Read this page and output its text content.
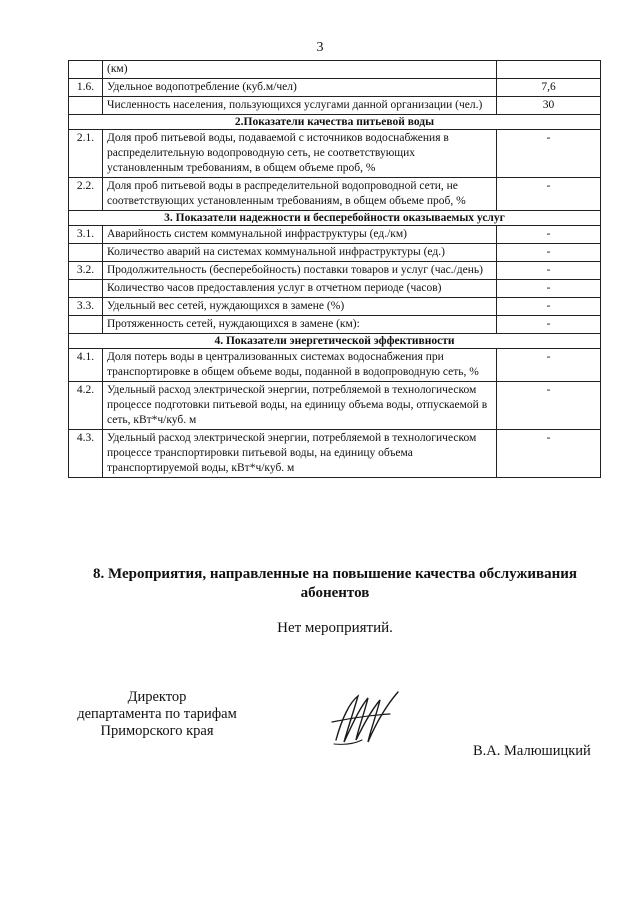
3
	(км)	
1.6.	Удельное водопотребление (куб.м/чел)	7,6
	Численность населения, пользующихся услугами данной организации (чел.)	30
2.Показатели качества питьевой воды		
2.1.	Доля проб питьевой воды, подаваемой с источников водоснабжения в распределительную водопроводную сеть, не соответствующих установленным требованиям, в общем объеме проб, %	-
2.2.	Доля проб питьевой воды в распределительной водопроводной сети, не соответствующих установленным требованиям, в общем объеме проб, %	-
3. Показатели надежности и бесперебойности оказываемых услуг		
3.1.	Аварийность систем коммунальной инфраструктуры (ед./км)	-
	Количество аварий на системах коммунальной инфраструктуры (ед.)	-
3.2.	Продолжительность (бесперебойность) поставки товаров и услуг (час./день)	-
	Количество часов предоставления услуг в отчетном периоде (часов)	-
3.3.	Удельный вес сетей, нуждающихся в замене (%)	-
	Протяженность сетей, нуждающихся в замене (км):	-
4. Показатели энергетической эффективности		
4.1.	Доля потерь воды в централизованных системах водоснабжения при транспортировке в общем объеме воды, поданной в водопроводную сеть, %	-
4.2.	Удельный расход электрической энергии, потребляемой в технологическом процессе подготовки питьевой воды, на единицу объема воды, отпускаемой в сеть, кВт*ч/куб. м	-
4.3.	Удельный расход электрической энергии, потребляемой в технологическом процессе транспортировки питьевой воды, на единицу объема транспортируемой воды, кВт*ч/куб. м	-
8. Мероприятия, направленные на повышение качества обслуживания абонентов
Нет мероприятий.
Директор
департамента по тарифам
Приморского края
В.А. Малюшицкий
